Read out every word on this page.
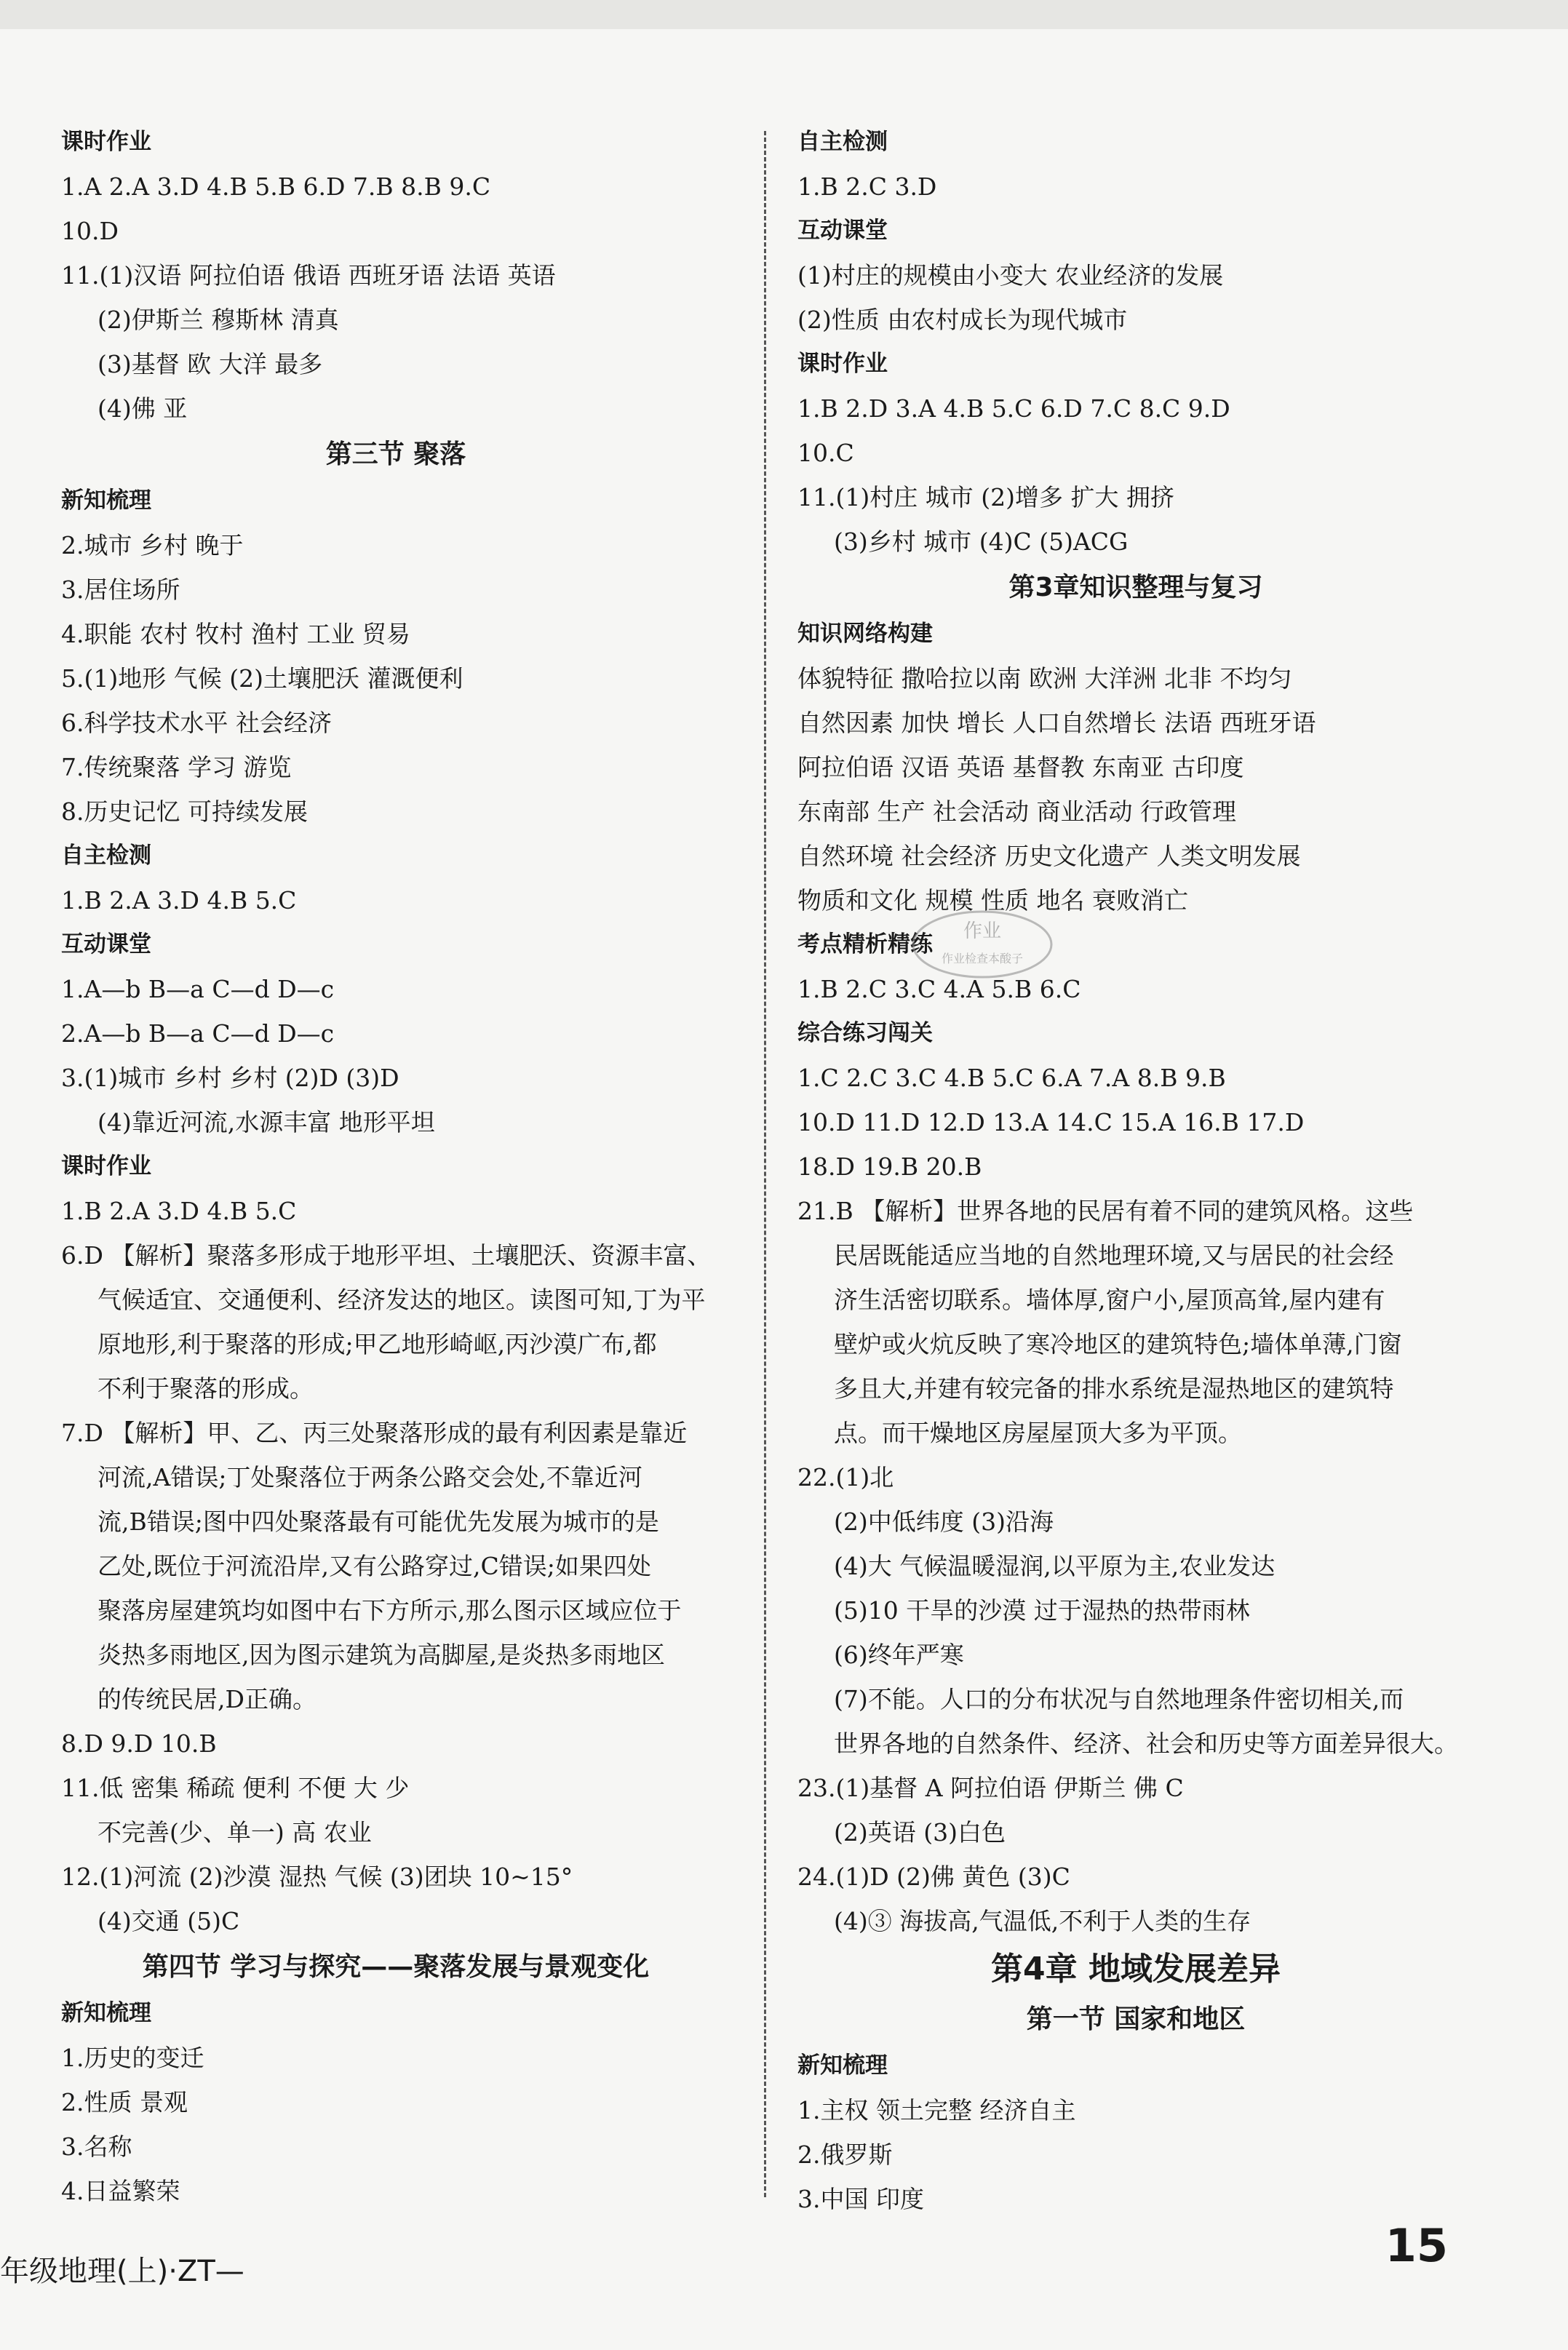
课时作业
1.A 2.A 3.D 4.B 5.B 6.D 7.B 8.B 9.C
10.D
11.(1)汉语 阿拉伯语 俄语 西班牙语 法语 英语
(2)伊斯兰 穆斯林 清真
(3)基督 欧 大洋 最多
(4)佛 亚
第三节 聚落
新知梳理
2.城市 乡村 晚于
3.居住场所
4.职能 农村 牧村 渔村 工业 贸易
5.(1)地形 气候 (2)土壤肥沃 灌溉便利
6.科学技术水平 社会经济
7.传统聚落 学习 游览
8.历史记忆 可持续发展
自主检测
1.B 2.A 3.D 4.B 5.C
互动课堂
1.A—b B—a C—d D—c
2.A—b B—a C—d D—c
3.(1)城市 乡村 乡村 (2)D (3)D
(4)靠近河流,水源丰富 地形平坦
课时作业
1.B 2.A 3.D 4.B 5.C
6.D 【解析】聚落多形成于地形平坦、土壤肥沃、资源丰富、
气候适宜、交通便利、经济发达的地区。读图可知,丁为平
原地形,利于聚落的形成;甲乙地形崎岖,丙沙漠广布,都
不利于聚落的形成。
7.D 【解析】甲、乙、丙三处聚落形成的最有利因素是靠近
河流,A错误;丁处聚落位于两条公路交会处,不靠近河
流,B错误;图中四处聚落最有可能优先发展为城市的是
乙处,既位于河流沿岸,又有公路穿过,C错误;如果四处
聚落房屋建筑均如图中右下方所示,那么图示区域应位于
炎热多雨地区,因为图示建筑为高脚屋,是炎热多雨地区
的传统民居,D正确。
8.D 9.D 10.B
11.低 密集 稀疏 便利 不便 大 少
不完善(少、单一) 高 农业
12.(1)河流 (2)沙漠 湿热 气候 (3)团块 10~15°
(4)交通 (5)C
第四节 学习与探究——聚落发展与景观变化
新知梳理
1.历史的变迁
2.性质 景观
3.名称
4.日益繁荣
自主检测
1.B 2.C 3.D
互动课堂
(1)村庄的规模由小变大 农业经济的发展
(2)性质 由农村成长为现代城市
课时作业
1.B 2.D 3.A 4.B 5.C 6.D 7.C 8.C 9.D
10.C
11.(1)村庄 城市 (2)增多 扩大 拥挤
(3)乡村 城市 (4)C (5)ACG
第3章知识整理与复习
知识网络构建
体貌特征 撒哈拉以南 欧洲 大洋洲 北非 不均匀
自然因素 加快 增长 人口自然增长 法语 西班牙语
阿拉伯语 汉语 英语 基督教 东南亚 古印度
东南部 生产 社会活动 商业活动 行政管理
自然环境 社会经济 历史文化遗产 人类文明发展
物质和文化 规模 性质 地名 衰败消亡
考点精析精练
1.B 2.C 3.C 4.A 5.B 6.C
综合练习闯关
1.C 2.C 3.C 4.B 5.C 6.A 7.A 8.B 9.B
10.D 11.D 12.D 13.A 14.C 15.A 16.B 17.D
18.D 19.B 20.B
21.B 【解析】世界各地的民居有着不同的建筑风格。这些
民居既能适应当地的自然地理环境,又与居民的社会经
济生活密切联系。墙体厚,窗户小,屋顶高耸,屋内建有
壁炉或火炕反映了寒冷地区的建筑特色;墙体单薄,门窗
多且大,并建有较完备的排水系统是湿热地区的建筑特
点。而干燥地区房屋屋顶大多为平顶。
22.(1)北
(2)中低纬度 (3)沿海
(4)大 气候温暖湿润,以平原为主,农业发达
(5)10 干旱的沙漠 过于湿热的热带雨林
(6)终年严寒
(7)不能。人口的分布状况与自然地理条件密切相关,而
世界各地的自然条件、经济、社会和历史等方面差异很大。
23.(1)基督 A 阿拉伯语 伊斯兰 佛 C
(2)英语 (3)白色
24.(1)D (2)佛 黄色 (3)C
(4)③ 海拔高,气温低,不利于人类的生存
第4章 地域发展差异
第一节 国家和地区
新知梳理
1.主权 领土完整 经济自主
2.俄罗斯
3.中国 印度
作业
作业检查本酸子
年级地理(上)·ZT—	15
